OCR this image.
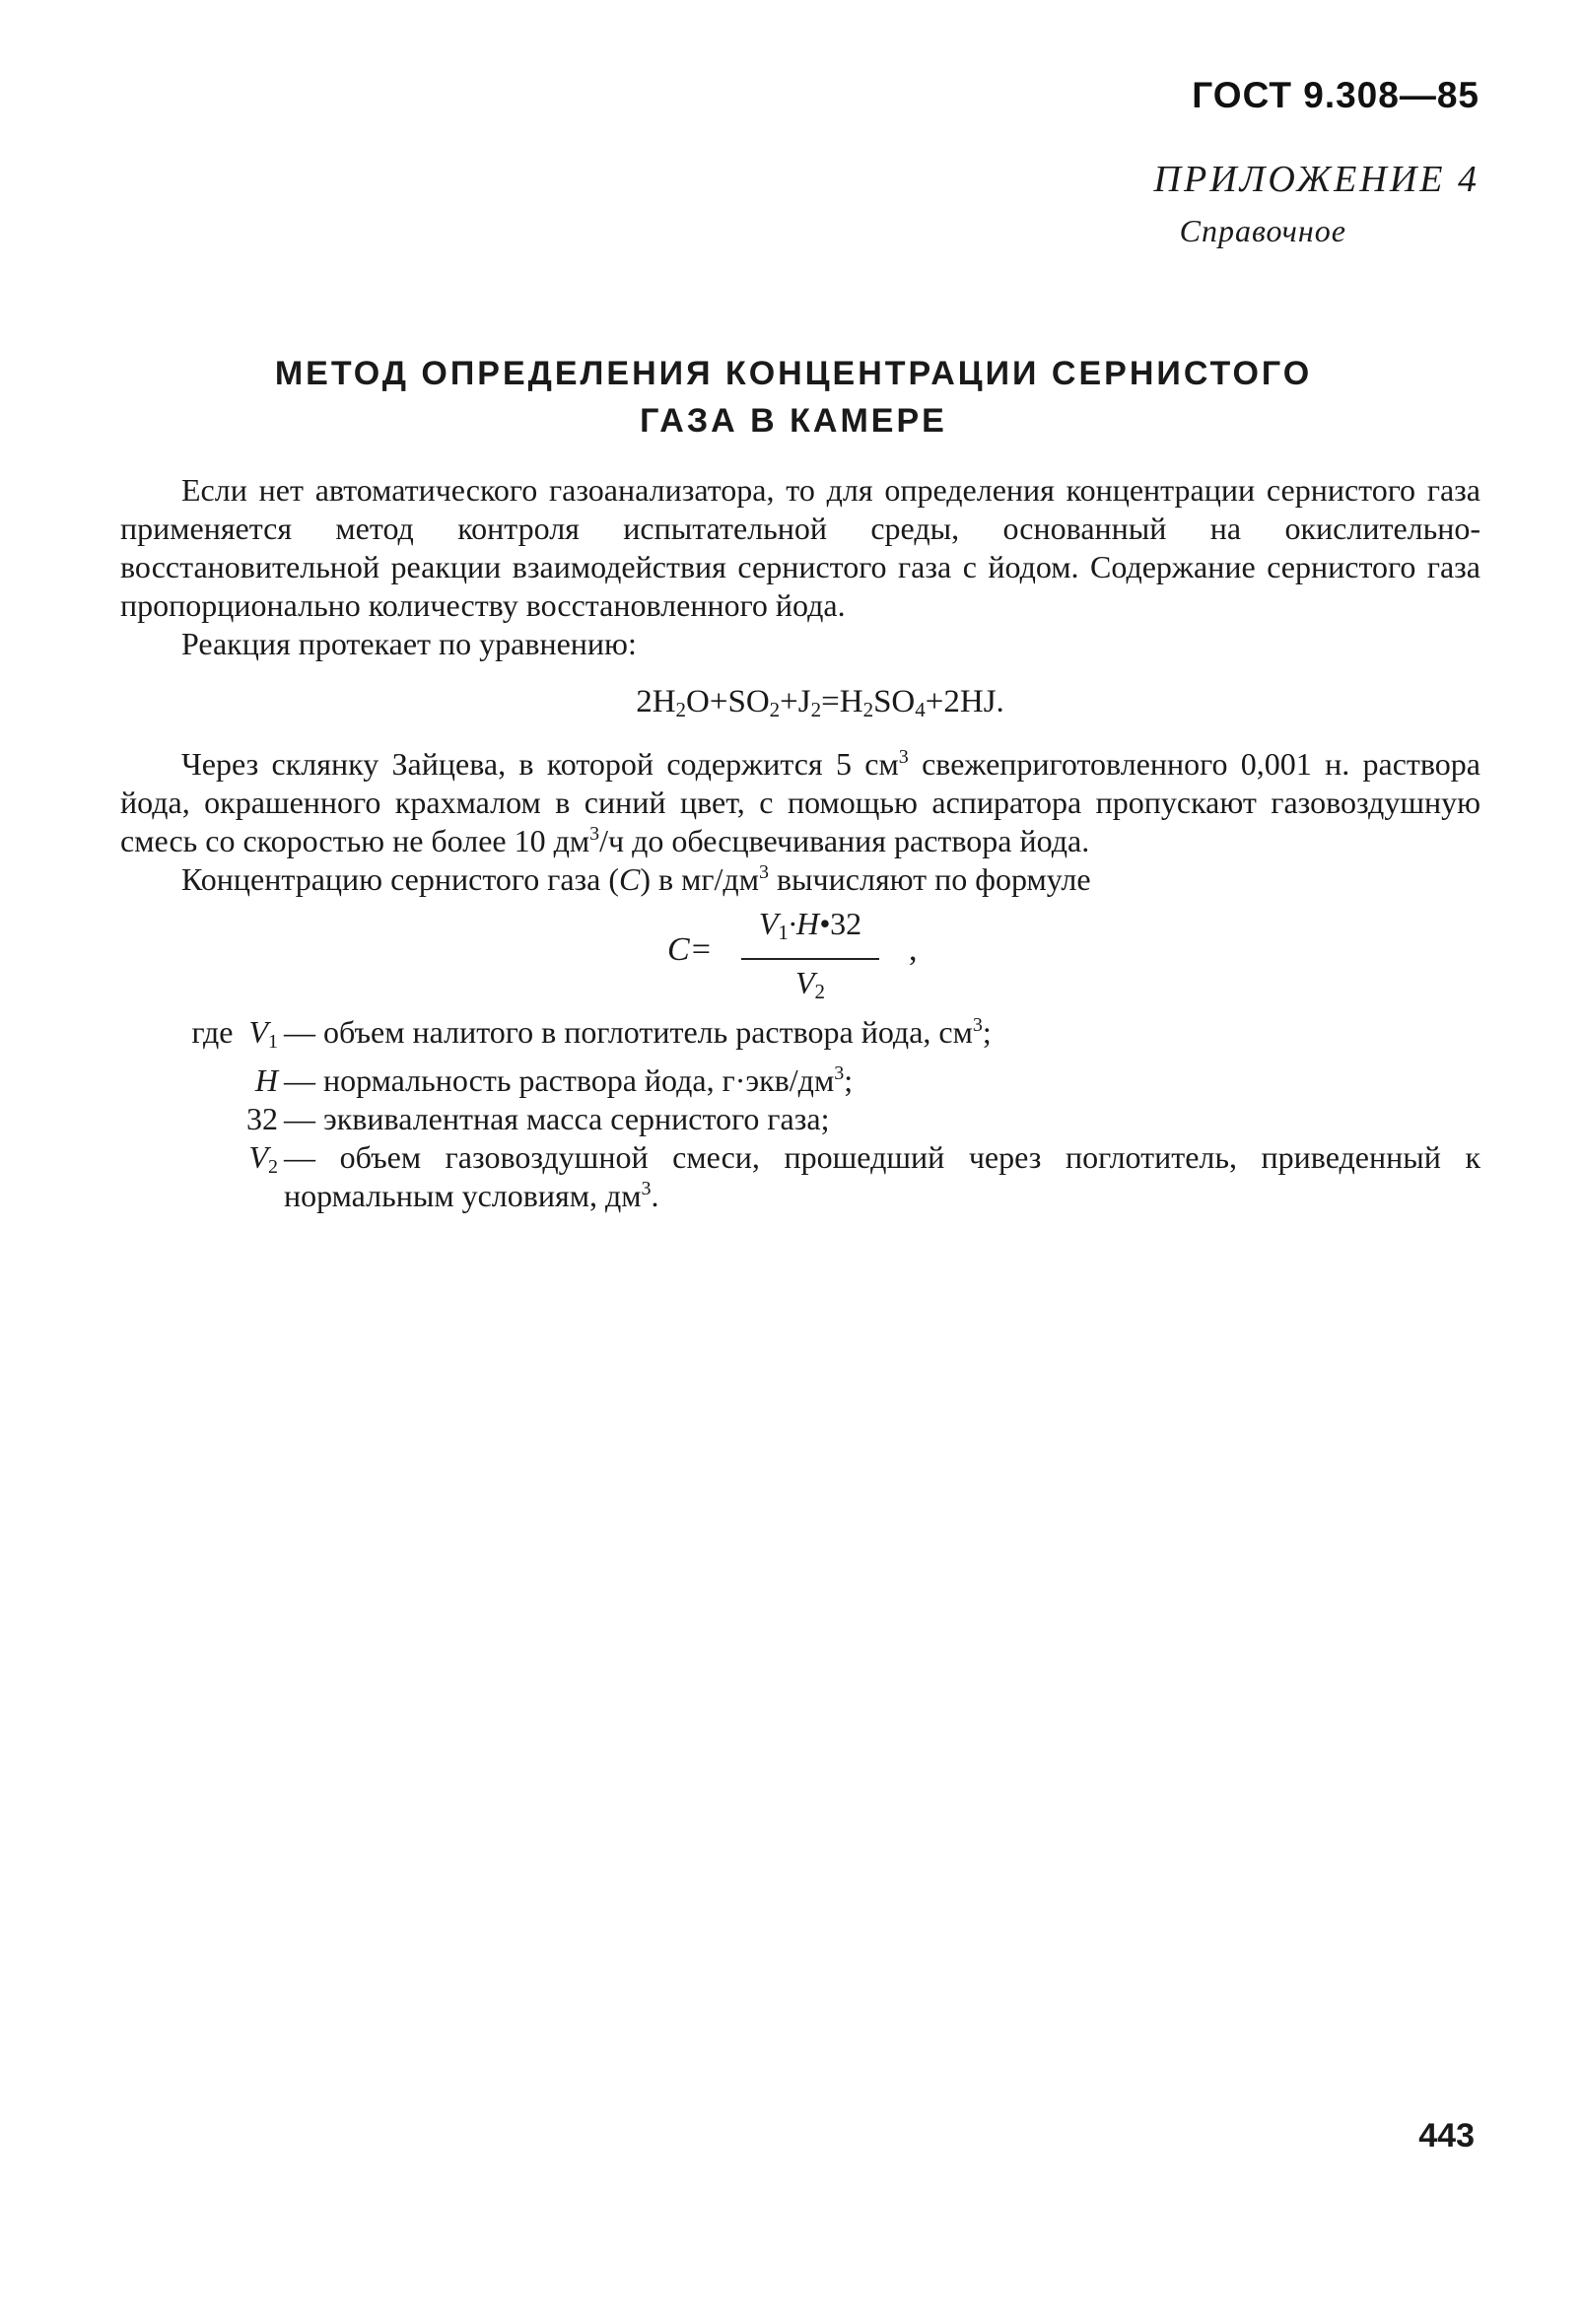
ГОСТ 9.308—85
ПРИЛОЖЕНИЕ 4
Справочное
МЕТОД ОПРЕДЕЛЕНИЯ КОНЦЕНТРАЦИИ СЕРНИСТОГО
ГАЗА В КАМЕРЕ

Если нет автоматического газоанализатора, то для определения концентрации сернистого газа применяется метод контроля испытательной среды, основанный на окислительно-восстановительной реакции взаимодействия сернистого газа с йодом. Содержание сернистого газа пропорционально количеству восстановленного йода.

Реакция протекает по уравнению:

$2H_2O+SO_2+J_2=H_2SO_4+2HJ$.

Через склянку Зайцева, в которой содержится 5 $см^3$ свежеприготовленного 0,001 н. раствора йода, окрашенного крахмалом в синий цвет, с помощью аспиратора пропускают газовоздушную смесь со скоростью не более 10 $дм^3/ч$ до обесцвечивания раствора йода.

Концентрацию сернистого газа (C) в $мг/дм^3$ вычисляют по формуле

C=
$V_1\cdot H•32$
$V_2$
,
где $V_1$ — объем налитого в поглотитель раствора йода, $см^3$;
H — нормальность раствора йода, $г\cdot экв/дм^3$;
32 — эквивалентная масса сернистого газа;
$V_2$ — объем газовоздушной смеси, прошедший через поглотитель, приведенный к нормальным условиям, $дм^3$.
443
